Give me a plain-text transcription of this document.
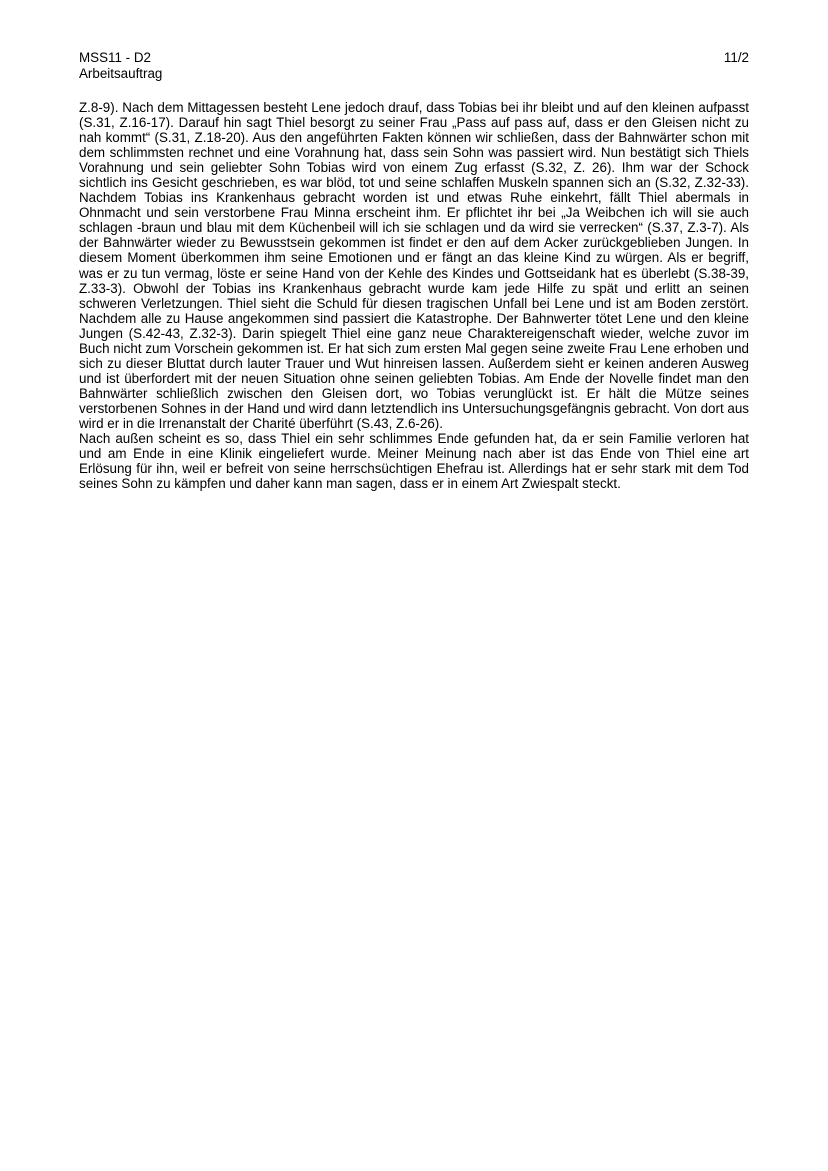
MSS11 - D2
Arbeitsauftrag
11/2

Z.8-9). Nach dem Mittagessen besteht Lene jedoch drauf, dass Tobias bei ihr bleibt und auf den kleinen aufpasst (S.31, Z.16-17). Darauf hin sagt Thiel besorgt zu seiner Frau „Pass auf pass auf, dass er den Gleisen nicht zu nah kommt“ (S.31, Z.18-20). Aus den angeführten Fakten können wir schließen, dass der Bahnwärter schon mit dem schlimmsten rechnet und eine Vorahnung hat, dass sein Sohn was passiert wird. Nun bestätigt sich Thiels Vorahnung und sein geliebter Sohn Tobias wird von einem Zug erfasst (S.32, Z. 26). Ihm war der Schock sichtlich ins Gesicht geschrieben, es war blöd, tot und seine schlaffen Muskeln spannen sich an (S.32, Z.32-33). Nachdem Tobias ins Krankenhaus gebracht worden ist und etwas Ruhe einkehrt, fällt Thiel abermals in Ohnmacht und sein verstorbene Frau Minna erscheint ihm. Er pflichtet ihr bei „Ja Weibchen ich will sie auch schlagen -braun und blau mit dem Küchenbeil will ich sie schlagen und da wird sie verrecken“ (S.37, Z.3-7). Als der Bahnwärter wieder zu Bewusstsein gekommen ist findet er den auf dem Acker zurückgeblieben Jungen. In diesem Moment überkommen ihm seine Emotionen und er fängt an das kleine Kind zu würgen. Als er begriff, was er zu tun vermag, löste er seine Hand von der Kehle des Kindes und Gottseidank hat es überlebt (S.38-39, Z.33-3). Obwohl der Tobias ins Krankenhaus gebracht wurde kam jede Hilfe zu spät und erlitt an seinen schweren Verletzungen. Thiel sieht die Schuld für diesen tragischen Unfall bei Lene und ist am Boden zerstört. Nachdem alle zu Hause angekommen sind passiert die Katastrophe. Der Bahnwerter tötet Lene und den kleine Jungen (S.42-43, Z.32-3). Darin spiegelt Thiel eine ganz neue Charaktereigenschaft wieder, welche zuvor im Buch nicht zum Vorschein gekommen ist. Er hat sich zum ersten Mal gegen seine zweite Frau Lene erhoben und sich zu dieser Bluttat durch lauter Trauer und Wut hinreisen lassen. Außerdem sieht er keinen anderen Ausweg und ist überfordert mit der neuen Situation ohne seinen geliebten Tobias. Am Ende der Novelle findet man den Bahnwärter schließlich zwischen den Gleisen dort, wo Tobias verunglückt ist. Er hält die Mütze seines verstorbenen Sohnes in der Hand und wird dann letztendlich ins Untersuchungsgefängnis gebracht. Von dort aus wird er in die Irrenanstalt der Charité überführt (S.43, Z.6-26).

Nach außen scheint es so, dass Thiel ein sehr schlimmes Ende gefunden hat, da er sein Familie verloren hat und am Ende in eine Klinik eingeliefert wurde. Meiner Meinung nach aber ist das Ende von Thiel eine art Erlösung für ihn, weil er befreit von seine herrschsüchtigen Ehefrau ist. Allerdings hat er sehr stark mit dem Tod seines Sohn zu kämpfen und daher kann man sagen, dass er in einem Art Zwiespalt steckt.
